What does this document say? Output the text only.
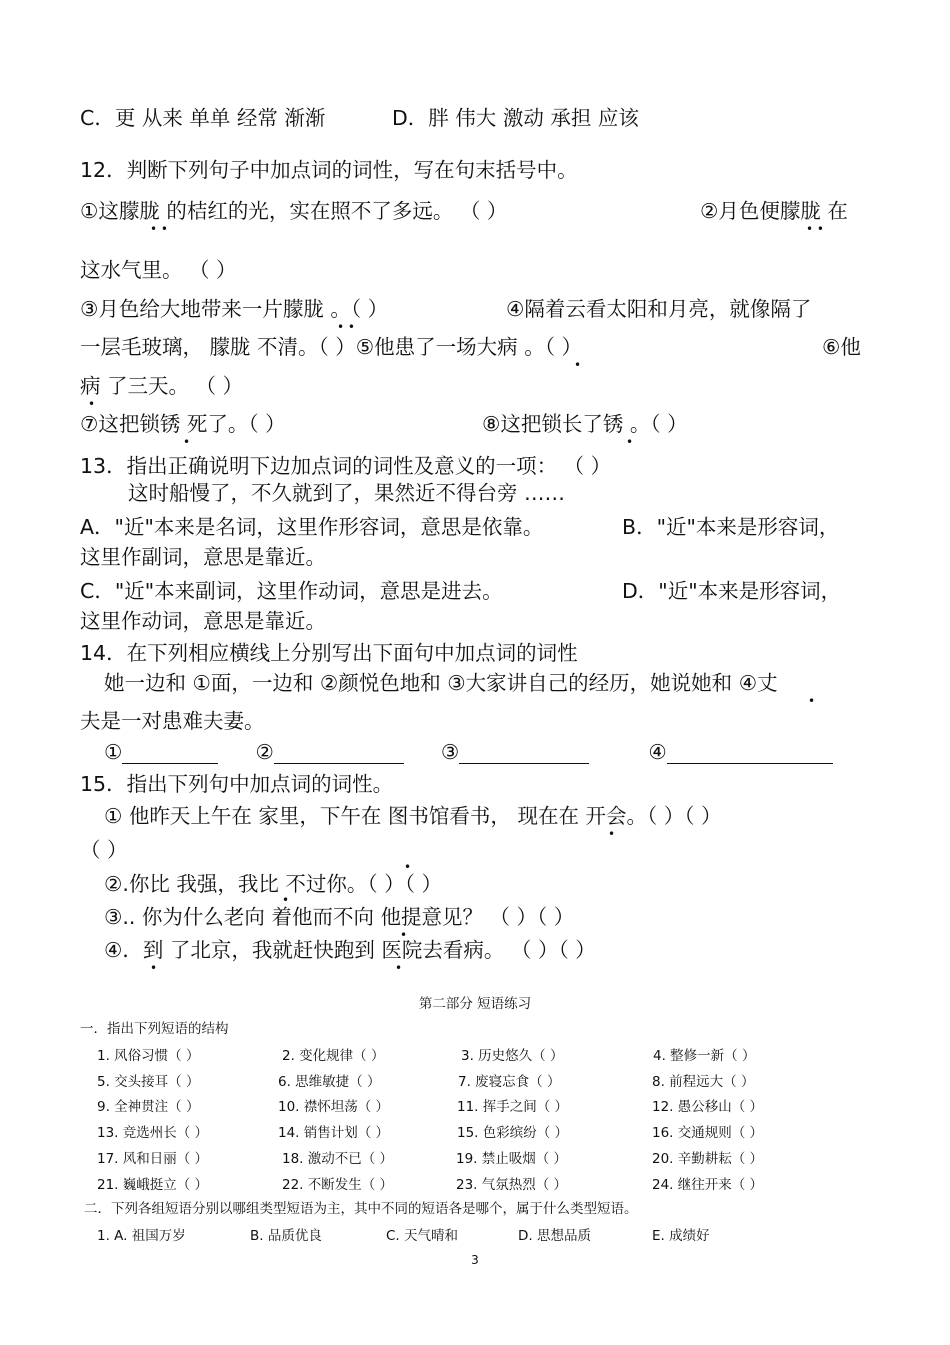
C．更 从来 单单 经常 渐渐	D．胖 伟大 激动 承担 应该
12．判断下列句子中加点词的词性，写在句末括号中。
①这朦胧 的桔红的光，实在照不了多远。 （ ）	②月色便朦胧 在
这水气里。 （ ）
③月色给大地带来一片朦胧 。（ ）	④隔着云看太阳和月亮，就像隔了
一层毛玻璃， 朦胧 不清。（ ）⑤他患了一场大病 。（ ）	⑥他
病 了三天。 （ ）
⑦这把锁锈 死了。（ ）	⑧这把锁长了锈 。（ ）
13．指出正确说明下边加点词的词性及意义的一项： （ ）
这时船慢了，不久就到了，果然近不得台旁 ……
A．"近"本来是名词，这里作形容词，意思是依靠。	B．"近"本来是形容词，
这里作副词，意思是靠近。
C．"近"本来副词，这里作动词，意思是进去。	D．"近"本来是形容词，
这里作动词，意思是靠近。
14．在下列相应横线上分别写出下面句中加点词的词性
她一边和 ①面，一边和 ②颜悦色地和 ③大家讲自己的经历，她说她和 ④丈
夫是一对患难夫妻。
①	②	③	④
15．指出下列句中加点词的词性。
① 他昨天上午在 家里，下午在 图书馆看书， 现在在 开会。（ ）（ ）
（ ）
②.你比 我强，我比 不过你。（ ）（ ）
③.. 你为什么老向 着他而不向 他提意见？ （ ）（ ）
④．到 了北京，我就赶快跑到 医院去看病。 （ ）（ ）
• •	• •
• •
•
•
•	•
•
•
•
•
•
•	•
第二部分 短语练习
一．指出下列短语的结构
1. 风俗习惯（ ）	2. 变化规律（ ）	3. 历史悠久（ ）	4. 整修一新（ ）
5. 交头接耳（ ）	6. 思维敏捷（ ）	7. 废寝忘食（ ）	8. 前程远大（ ）
9. 全神贯注（ ）	10. 襟怀坦荡（ ）	11. 挥手之间（ ）	12. 愚公移山（ ）
13. 竞选州长（ ）	14. 销售计划（ ）	15. 色彩缤纷（ ）	16. 交通规则（ ）
17. 风和日丽（ ）	18. 激动不已（ ）	19. 禁止吸烟（ ）	20. 辛勤耕耘（ ）
21. 巍峨挺立（ ）	22. 不断发生（ ）	23. 气氛热烈（ ）	24. 继往开来（ ）
二．下列各组短语分别以哪组类型短语为主，其中不同的短语各是哪个，属于什么类型短语。
1. A. 祖国万岁	B. 品质优良	C. 天气晴和	D. 思想品质	E. 成绩好
3
